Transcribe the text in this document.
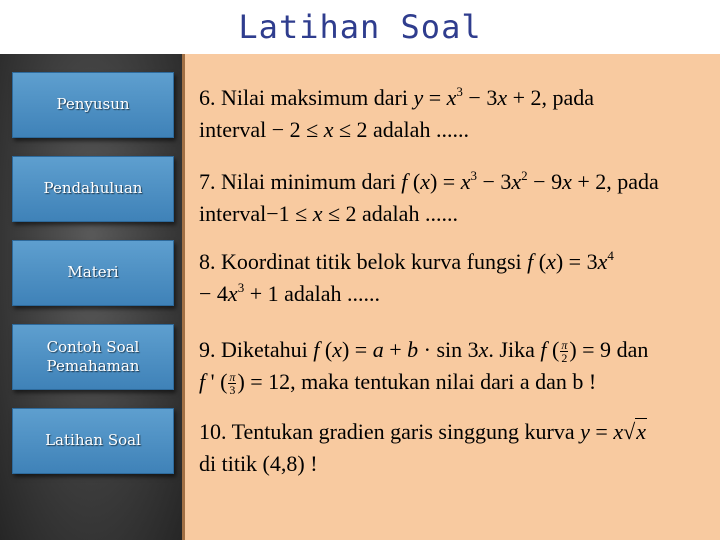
Latihan Soal
Penyusun
Pendahuluan
Materi
Contoh Soal Pemahaman
Latihan Soal
6. Nilai maksimum dari $y = x^3 - 3x + 2$, pada
interval − 2 ≤ x ≤ 2 adalah ......
7. Nilai minimum dari f $(x) = x^3 - 3x^2 - 9x + 2$, pada
interval−1 ≤ x ≤ 2 adalah ......
8. Koordinat titik belok kurva fungsi f $(x) = 3x^4$
− $4x^3 + 1$ adalah ......
9. Diketahui f (x) = a + b · sin 3x. Jika f ( $\frac{\pi}{2}$ ) = 9 dan
f ' ( $\frac{\pi}{3}$ ) = 12, maka tentukan nilai dari a dan b !
10. Tentukan gradien garis singgung kurva y = x√x
di titik (4,8) !
